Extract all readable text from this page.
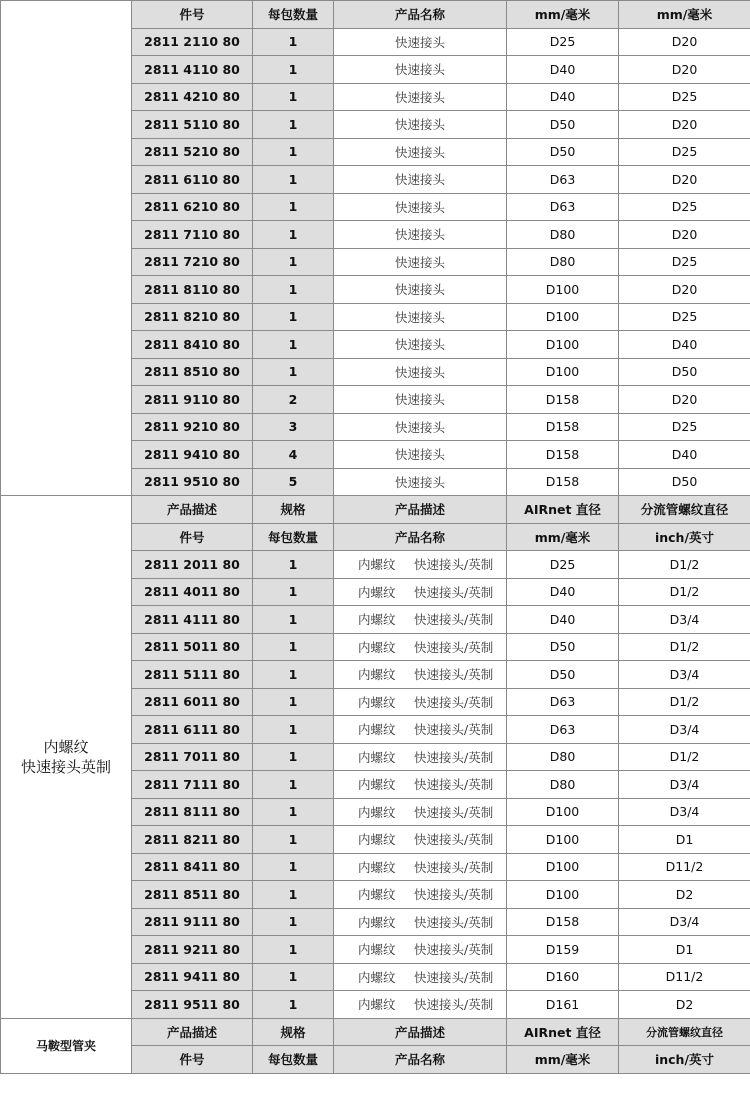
	件号	每包数量	产品名称	mm/毫米	mm/毫米
	2811 2110 80	1	快速接头	D25	D20
	2811 4110 80	1	快速接头	D40	D20
	2811 4210 80	1	快速接头	D40	D25
	2811 5110 80	1	快速接头	D50	D20
	2811 5210 80	1	快速接头	D50	D25
	2811 6110 80	1	快速接头	D63	D20
	2811 6210 80	1	快速接头	D63	D25
	2811 7110 80	1	快速接头	D80	D20
	2811 7210 80	1	快速接头	D80	D25
	2811 8110 80	1	快速接头	D100	D20
	2811 8210 80	1	快速接头	D100	D25
	2811 8410 80	1	快速接头	D100	D40
	2811 8510 80	1	快速接头	D100	D50
	2811 9110 80	2	快速接头	D158	D20
	2811 9210 80	3	快速接头	D158	D25
	2811 9410 80	4	快速接头	D158	D40
	2811 9510 80	5	快速接头	D158	D50

内螺纹
快速接头英制	产品描述	规格	产品描述	AIRnet 直径	分流管螺纹直径
	件号	每包数量	产品名称	mm/毫米	inch/英寸
	2811 2011 80	1	内螺纹 快速接头/英制	D25	D1/2
	2811 4011 80	1	内螺纹 快速接头/英制	D40	D1/2
	2811 4111 80	1	内螺纹 快速接头/英制	D40	D3/4
	2811 5011 80	1	内螺纹 快速接头/英制	D50	D1/2
	2811 5111 80	1	内螺纹 快速接头/英制	D50	D3/4
	2811 6011 80	1	内螺纹 快速接头/英制	D63	D1/2
	2811 6111 80	1	内螺纹 快速接头/英制	D63	D3/4
	2811 7011 80	1	内螺纹 快速接头/英制	D80	D1/2
	2811 7111 80	1	内螺纹 快速接头/英制	D80	D3/4
	2811 8111 80	1	内螺纹 快速接头/英制	D100	D3/4
	2811 8211 80	1	内螺纹 快速接头/英制	D100	D1
	2811 8411 80	1	内螺纹 快速接头/英制	D100	D11/2
	2811 8511 80	1	内螺纹 快速接头/英制	D100	D2
	2811 9111 80	1	内螺纹 快速接头/英制	D158	D3/4
	2811 9211 80	1	内螺纹 快速接头/英制	D159	D1
	2811 9411 80	1	内螺纹 快速接头/英制	D160	D11/2
	2811 9511 80	1	内螺纹 快速接头/英制	D161	D2
马鞍型管夹	产品描述	规格	产品描述	AIRnet 直径	分流管螺纹直径
	件号	每包数量	产品名称	mm/毫米	inch/英寸
